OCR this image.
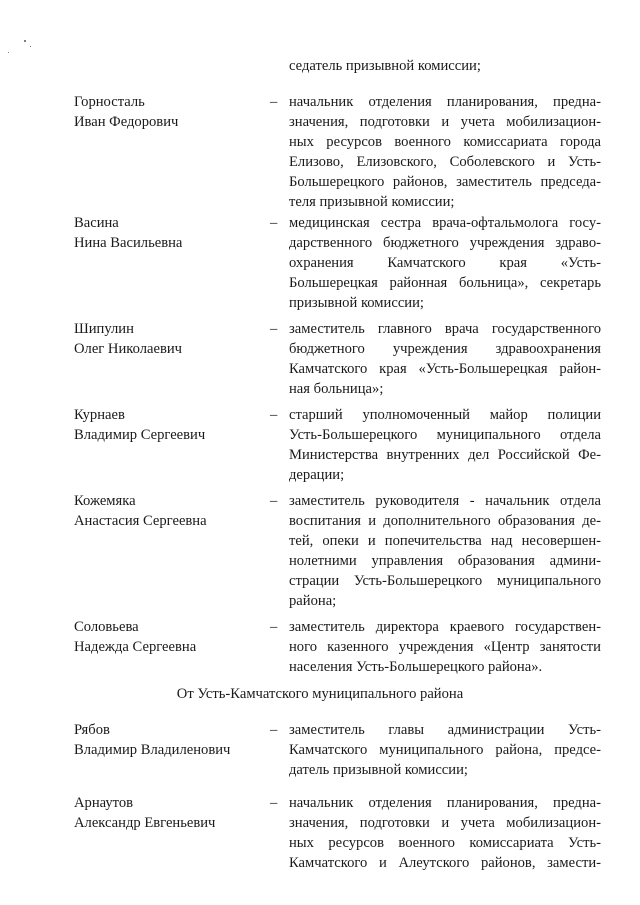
седатель призывной комиссии;
Горносталь
Иван Федорович
– начальник отделения планирования, предна-
значения, подготовки и учета мобилизацион-
ных ресурсов военного комиссариата города
Елизово, Елизовского, Соболевского и Усть-
Большерецкого районов, заместитель председа-
теля призывной комиссии;
Васина
Нина Васильевна
– медицинская сестра врача-офтальмолога госу-
дарственного бюджетного учреждения здраво-
охранения Камчатского края «Усть-
Большерецкая районная больница», секретарь
призывной комиссии;
Шипулин
Олег Николаевич
– заместитель главного врача государственного
бюджетного учреждения здравоохранения
Камчатского края «Усть-Большерецкая район-
ная больница»;
Курнаев
Владимир Сергеевич
– старший уполномоченный майор полиции
Усть-Большерецкого муниципального отдела
Министерства внутренних дел Российской Фе-
дерации;
Кожемяка
Анастасия Сергеевна
– заместитель руководителя - начальник отдела
воспитания и дополнительного образования де-
тей, опеки и попечительства над несовершен-
нолетними управления образования админи-
страции Усть-Большерецкого муниципального
района;
Соловьева
Надежда Сергеевна
– заместитель директора краевого государствен-
ного казенного учреждения «Центр занятости
населения Усть-Большерецкого района».
От Усть-Камчатского муниципального района
Рябов
Владимир Владиленович
– заместитель главы администрации Усть-
Камчатского муниципального района, предсе-
датель призывной комиссии;
Арнаутов
Александр Евгеньевич
– начальник отделения планирования, предна-
значения, подготовки и учета мобилизацион-
ных ресурсов военного комиссариата Усть-
Камчатского и Алеутского районов, замести-
